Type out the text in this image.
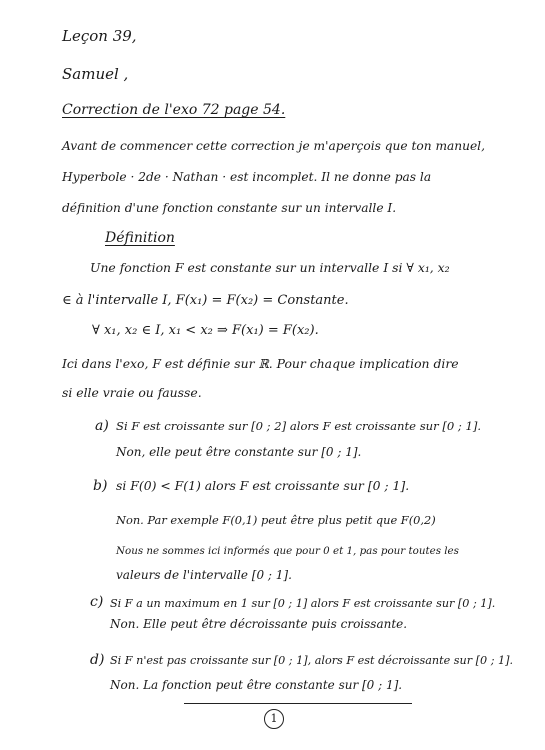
Leçon 39,
Samuel ,
Correction de l'exo 72 page 54.
Avant de commencer cette correction je m'aperçois que ton manuel,
Hyperbole · 2de · Nathan · est incomplet. Il ne donne pas la
définition d'une fonction constante sur un intervalle I.
Définition
Une fonction F est constante sur un intervalle I si ∀ x₁, x₂
∈ à l'intervalle I, F(x₁) = F(x₂) = Constante.
∀ x₁, x₂ ∈ I, x₁ < x₂ ⇒ F(x₁) = F(x₂).
Ici dans l'exo, F est définie sur ℝ. Pour chaque implication dire
si elle vraie ou fausse.
a) Si F est croissante sur [0 ; 2] alors F est croissante sur [0 ; 1].
Non, elle peut être constante sur [0 ; 1].
b) si F(0) < F(1) alors F est croissante sur [0 ; 1].
Non. Par exemple F(0,1) peut être plus petit que F(0,2)
Nous ne sommes ici informés que pour 0 et 1, pas pour toutes les
valeurs de l'intervalle [0 ; 1].
c) Si F a un maximum en 1 sur [0 ; 1] alors F est croissante sur [0 ; 1].
Non. Elle peut être décroissante puis croissante.
d) Si F n'est pas croissante sur [0 ; 1], alors F est décroissante sur [0 ; 1].
Non. La fonction peut être constante sur [0 ; 1].
1
